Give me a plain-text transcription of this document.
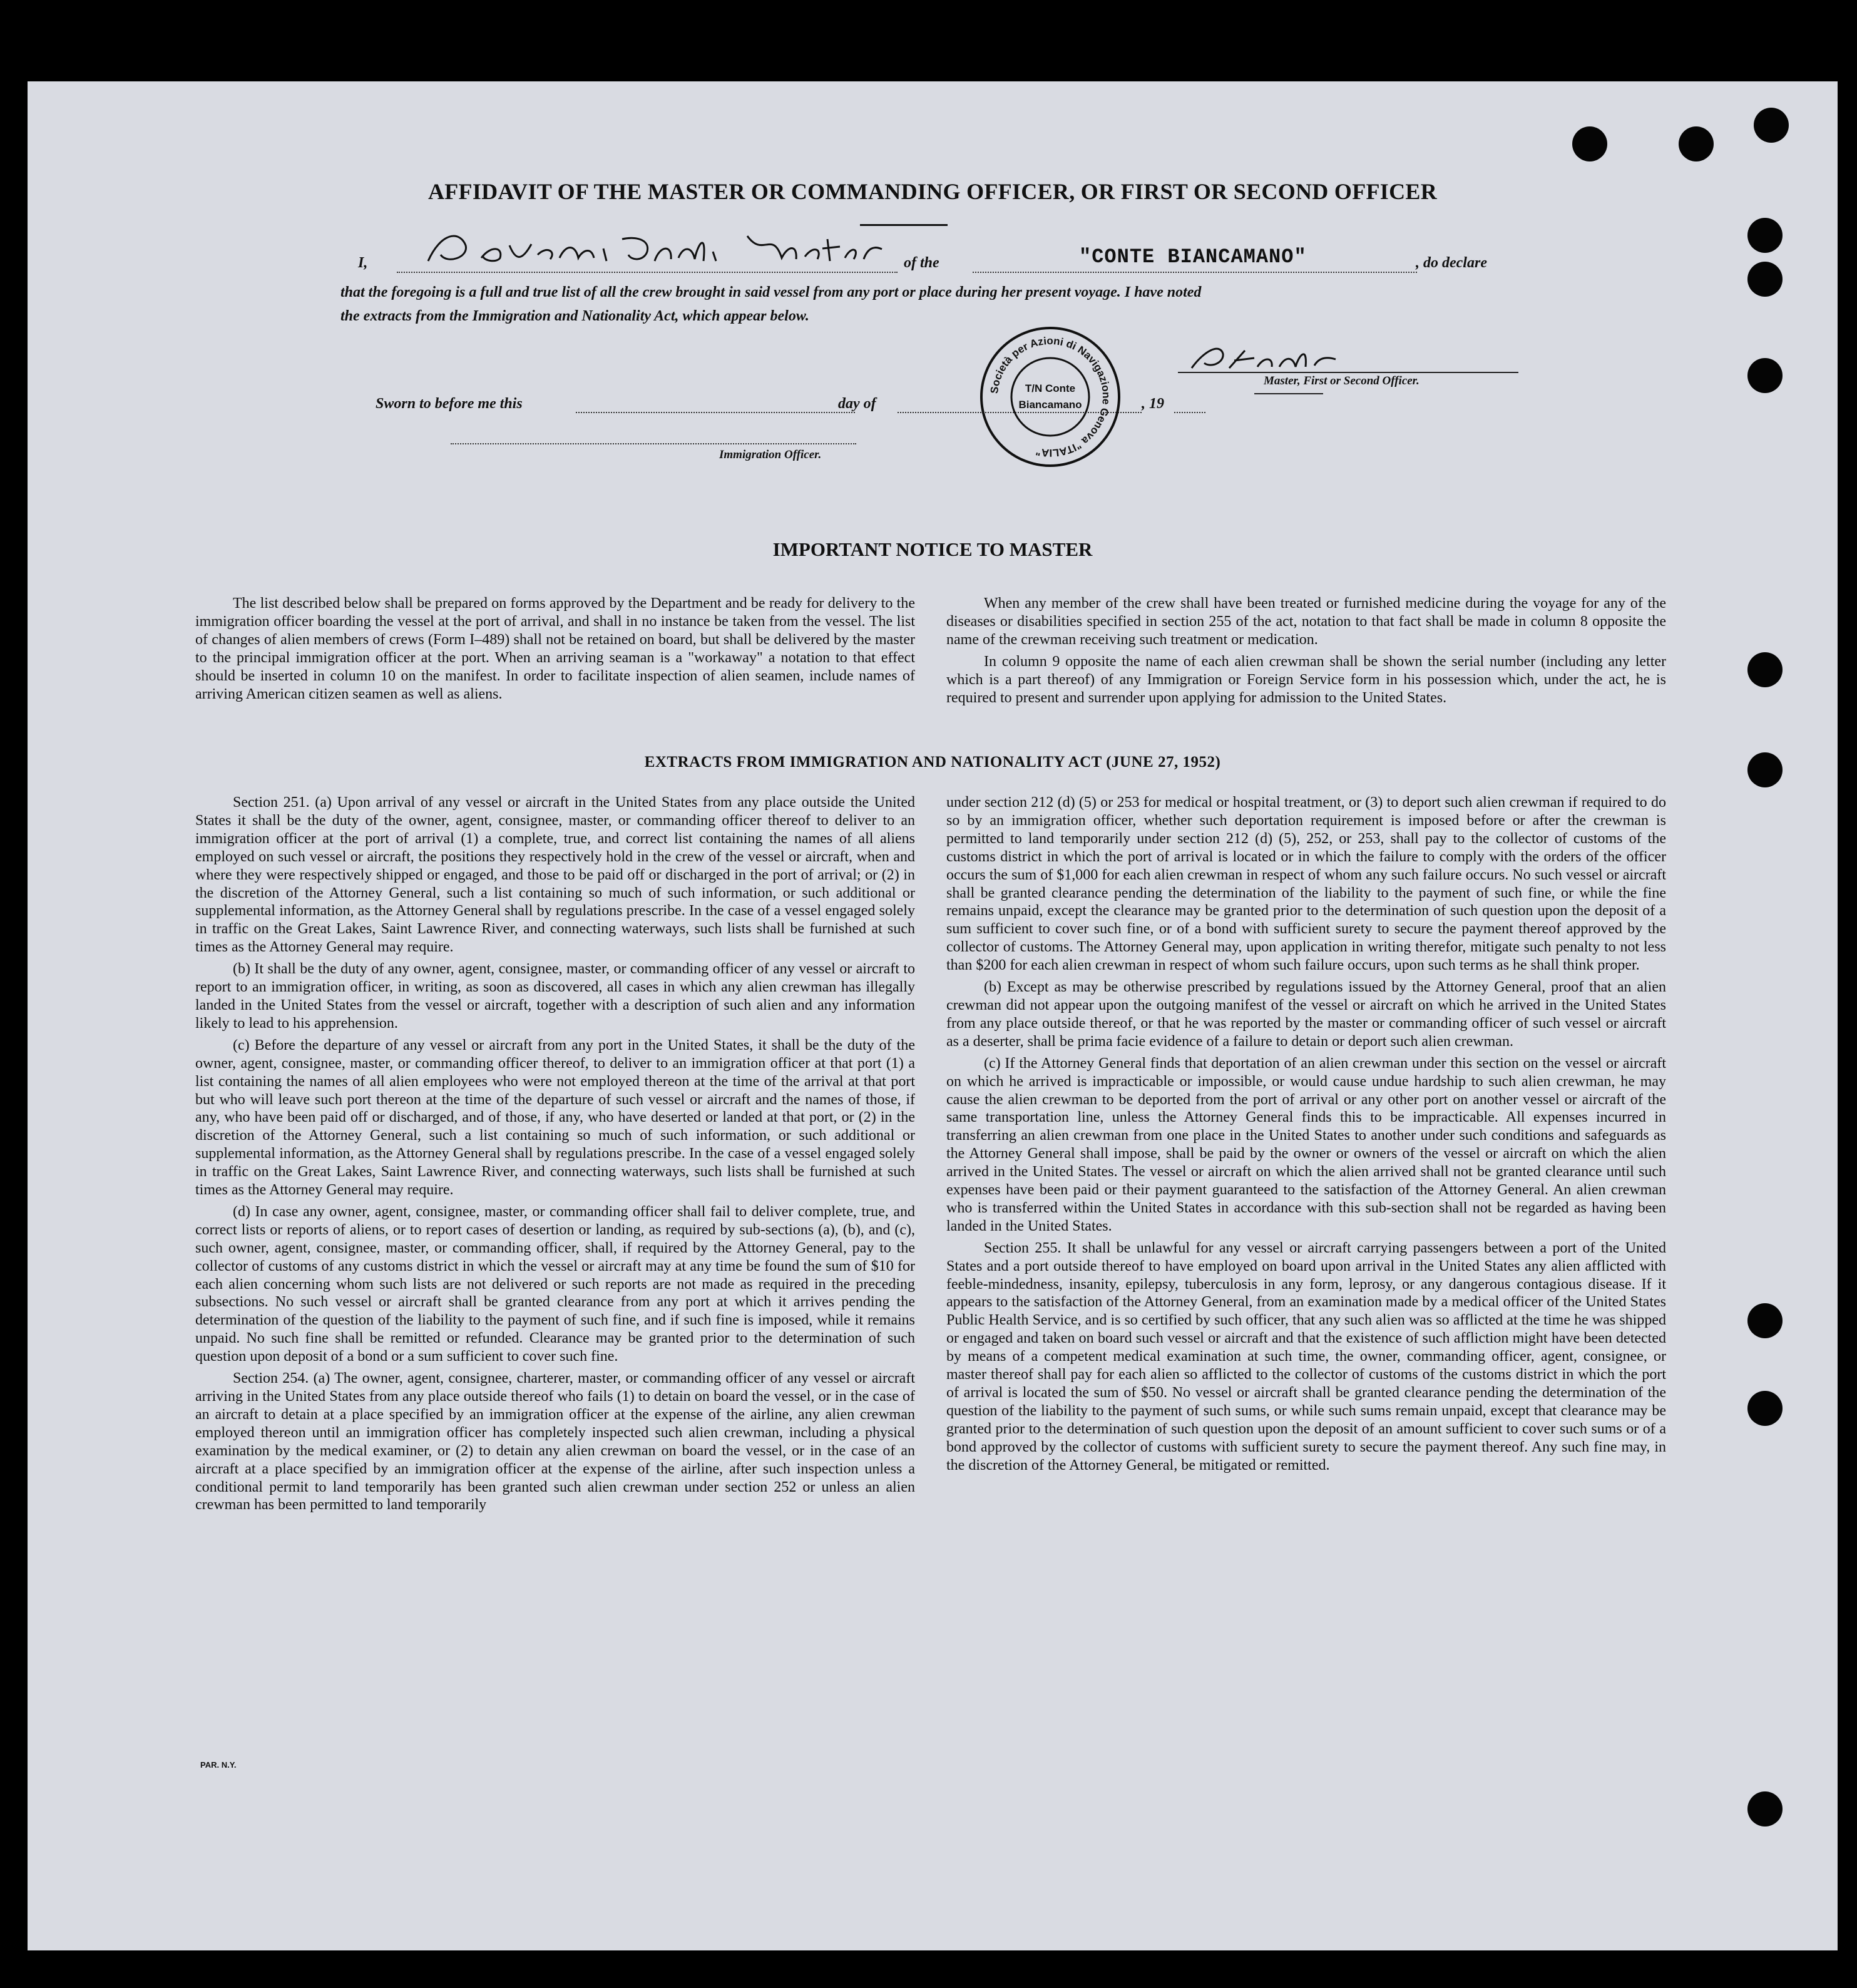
AFFIDAVIT OF THE MASTER OR COMMANDING OFFICER, OR FIRST OR SECOND OFFICER
I,	of the	"CONTE BIANCAMANO"	, do declare
that the foregoing is a full and true list of all the crew brought in said vessel from any port or place during her present voyage. I have noted
the extracts from the Immigration and Nationality Act, which appear below.
Sworn to before me this	day of	, 19
Immigration Officer.
Master, First or Second Officer.
Società per Azioni di Navigazione Genova "ITALIA"
T/N Conte
Biancamano
IMPORTANT NOTICE TO MASTER

The list described below shall be prepared on forms approved by the Department and be ready for delivery to the immigration officer boarding the vessel at the port of arrival, and shall in no instance be taken from the vessel. The list of changes of alien members of crews (Form I–489) shall not be retained on board, but shall be delivered by the master to the principal immigration officer at the port. When an arriving seaman is a "workaway" a notation to that effect should be inserted in column 10 on the manifest. In order to facilitate inspection of alien seamen, include names of arriving American citizen seamen as well as aliens.

When any member of the crew shall have been treated or furnished medicine during the voyage for any of the diseases or disabilities specified in section 255 of the act, notation to that fact shall be made in column 8 opposite the name of the crewman receiving such treatment or medication.

In column 9 opposite the name of each alien crewman shall be shown the serial number (including any letter which is a part thereof) of any Immigration or Foreign Service form in his possession which, under the act, he is required to present and surrender upon applying for admission to the United States.

EXTRACTS FROM IMMIGRATION AND NATIONALITY ACT (JUNE 27, 1952)

Section 251. (a) Upon arrival of any vessel or aircraft in the United States from any place outside the United States it shall be the duty of the owner, agent, consignee, master, or commanding officer thereof to deliver to an immigration officer at the port of arrival (1) a complete, true, and correct list containing the names of all aliens employed on such vessel or aircraft, the positions they respectively hold in the crew of the vessel or aircraft, when and where they were respectively shipped or engaged, and those to be paid off or discharged in the port of arrival; or (2) in the discretion of the Attorney General, such a list containing so much of such information, or such additional or supplemental information, as the Attorney General shall by regulations prescribe. In the case of a vessel engaged solely in traffic on the Great Lakes, Saint Lawrence River, and connecting waterways, such lists shall be furnished at such times as the Attorney General may require.

(b) It shall be the duty of any owner, agent, consignee, master, or commanding officer of any vessel or aircraft to report to an immigration officer, in writing, as soon as discovered, all cases in which any alien crewman has illegally landed in the United States from the vessel or aircraft, together with a description of such alien and any information likely to lead to his apprehension.

(c) Before the departure of any vessel or aircraft from any port in the United States, it shall be the duty of the owner, agent, consignee, master, or commanding officer thereof, to deliver to an immigration officer at that port (1) a list containing the names of all alien employees who were not employed thereon at the time of the arrival at that port but who will leave such port thereon at the time of the departure of such vessel or aircraft and the names of those, if any, who have been paid off or discharged, and of those, if any, who have deserted or landed at that port, or (2) in the discretion of the Attorney General, such a list containing so much of such information, or such additional or supplemental information, as the Attorney General shall by regulations prescribe. In the case of a vessel engaged solely in traffic on the Great Lakes, Saint Lawrence River, and connecting waterways, such lists shall be furnished at such times as the Attorney General may require.

(d) In case any owner, agent, consignee, master, or commanding officer shall fail to deliver complete, true, and correct lists or reports of aliens, or to report cases of desertion or landing, as required by sub-sections (a), (b), and (c), such owner, agent, consignee, master, or commanding officer, shall, if required by the Attorney General, pay to the collector of customs of any customs district in which the vessel or aircraft may at any time be found the sum of $10 for each alien concerning whom such lists are not delivered or such reports are not made as required in the preceding subsections. No such vessel or aircraft shall be granted clearance from any port at which it arrives pending the determination of the question of the liability to the payment of such fine, and if such fine is imposed, while it remains unpaid. No such fine shall be remitted or refunded. Clearance may be granted prior to the determination of such question upon deposit of a bond or a sum sufficient to cover such fine.

Section 254. (a) The owner, agent, consignee, charterer, master, or commanding officer of any vessel or aircraft arriving in the United States from any place outside thereof who fails (1) to detain on board the vessel, or in the case of an aircraft to detain at a place specified by an immigration officer at the expense of the airline, any alien crewman employed thereon until an immigration officer has completely inspected such alien crewman, including a physical examination by the medical examiner, or (2) to detain any alien crewman on board the vessel, or in the case of an aircraft at a place specified by an immigration officer at the expense of the airline, after such inspection unless a conditional permit to land temporarily has been granted such alien crewman under section 252 or unless an alien crewman has been permitted to land temporarily

under section 212 (d) (5) or 253 for medical or hospital treatment, or (3) to deport such alien crewman if required to do so by an immigration officer, whether such deportation requirement is imposed before or after the crewman is permitted to land temporarily under section 212 (d) (5), 252, or 253, shall pay to the collector of customs of the customs district in which the port of arrival is located or in which the failure to comply with the orders of the officer occurs the sum of $1,000 for each alien crewman in respect of whom any such failure occurs. No such vessel or aircraft shall be granted clearance pending the determination of the liability to the payment of such fine, or while the fine remains unpaid, except the clearance may be granted prior to the determination of such question upon the deposit of a sum sufficient to cover such fine, or of a bond with sufficient surety to secure the payment thereof approved by the collector of customs. The Attorney General may, upon application in writing therefor, mitigate such penalty to not less than $200 for each alien crewman in respect of whom such failure occurs, upon such terms as he shall think proper.

(b) Except as may be otherwise prescribed by regulations issued by the Attorney General, proof that an alien crewman did not appear upon the outgoing manifest of the vessel or aircraft on which he arrived in the United States from any place outside thereof, or that he was reported by the master or commanding officer of such vessel or aircraft as a deserter, shall be prima facie evidence of a failure to detain or deport such alien crewman.

(c) If the Attorney General finds that deportation of an alien crewman under this section on the vessel or aircraft on which he arrived is impracticable or impossible, or would cause undue hardship to such alien crewman, he may cause the alien crewman to be deported from the port of arrival or any other port on another vessel or aircraft of the same transportation line, unless the Attorney General finds this to be impracticable. All expenses incurred in transferring an alien crewman from one place in the United States to another under such conditions and safeguards as the Attorney General shall impose, shall be paid by the owner or owners of the vessel or aircraft on which the alien arrived in the United States. The vessel or aircraft on which the alien arrived shall not be granted clearance until such expenses have been paid or their payment guaranteed to the satisfaction of the Attorney General. An alien crewman who is transferred within the United States in accordance with this sub-section shall not be regarded as having been landed in the United States.

Section 255. It shall be unlawful for any vessel or aircraft carrying passengers between a port of the United States and a port outside thereof to have employed on board upon arrival in the United States any alien afflicted with feeble-mindedness, insanity, epilepsy, tuberculosis in any form, leprosy, or any dangerous contagious disease. If it appears to the satisfaction of the Attorney General, from an examination made by a medical officer of the United States Public Health Service, and is so certified by such officer, that any such alien was so afflicted at the time he was shipped or engaged and taken on board such vessel or aircraft and that the existence of such affliction might have been detected by means of a competent medical examination at such time, the owner, commanding officer, agent, consignee, or master thereof shall pay for each alien so afflicted to the collector of customs of the customs district in which the port of arrival is located the sum of $50. No vessel or aircraft shall be granted clearance pending the determination of the question of the liability to the payment of such sums, or while such sums remain unpaid, except that clearance may be granted prior to the determination of such question upon the deposit of an amount sufficient to cover such sums or of a bond approved by the collector of customs with sufficient surety to secure the payment thereof. Any such fine may, in the discretion of the Attorney General, be mitigated or remitted.

PAR. N.Y.
